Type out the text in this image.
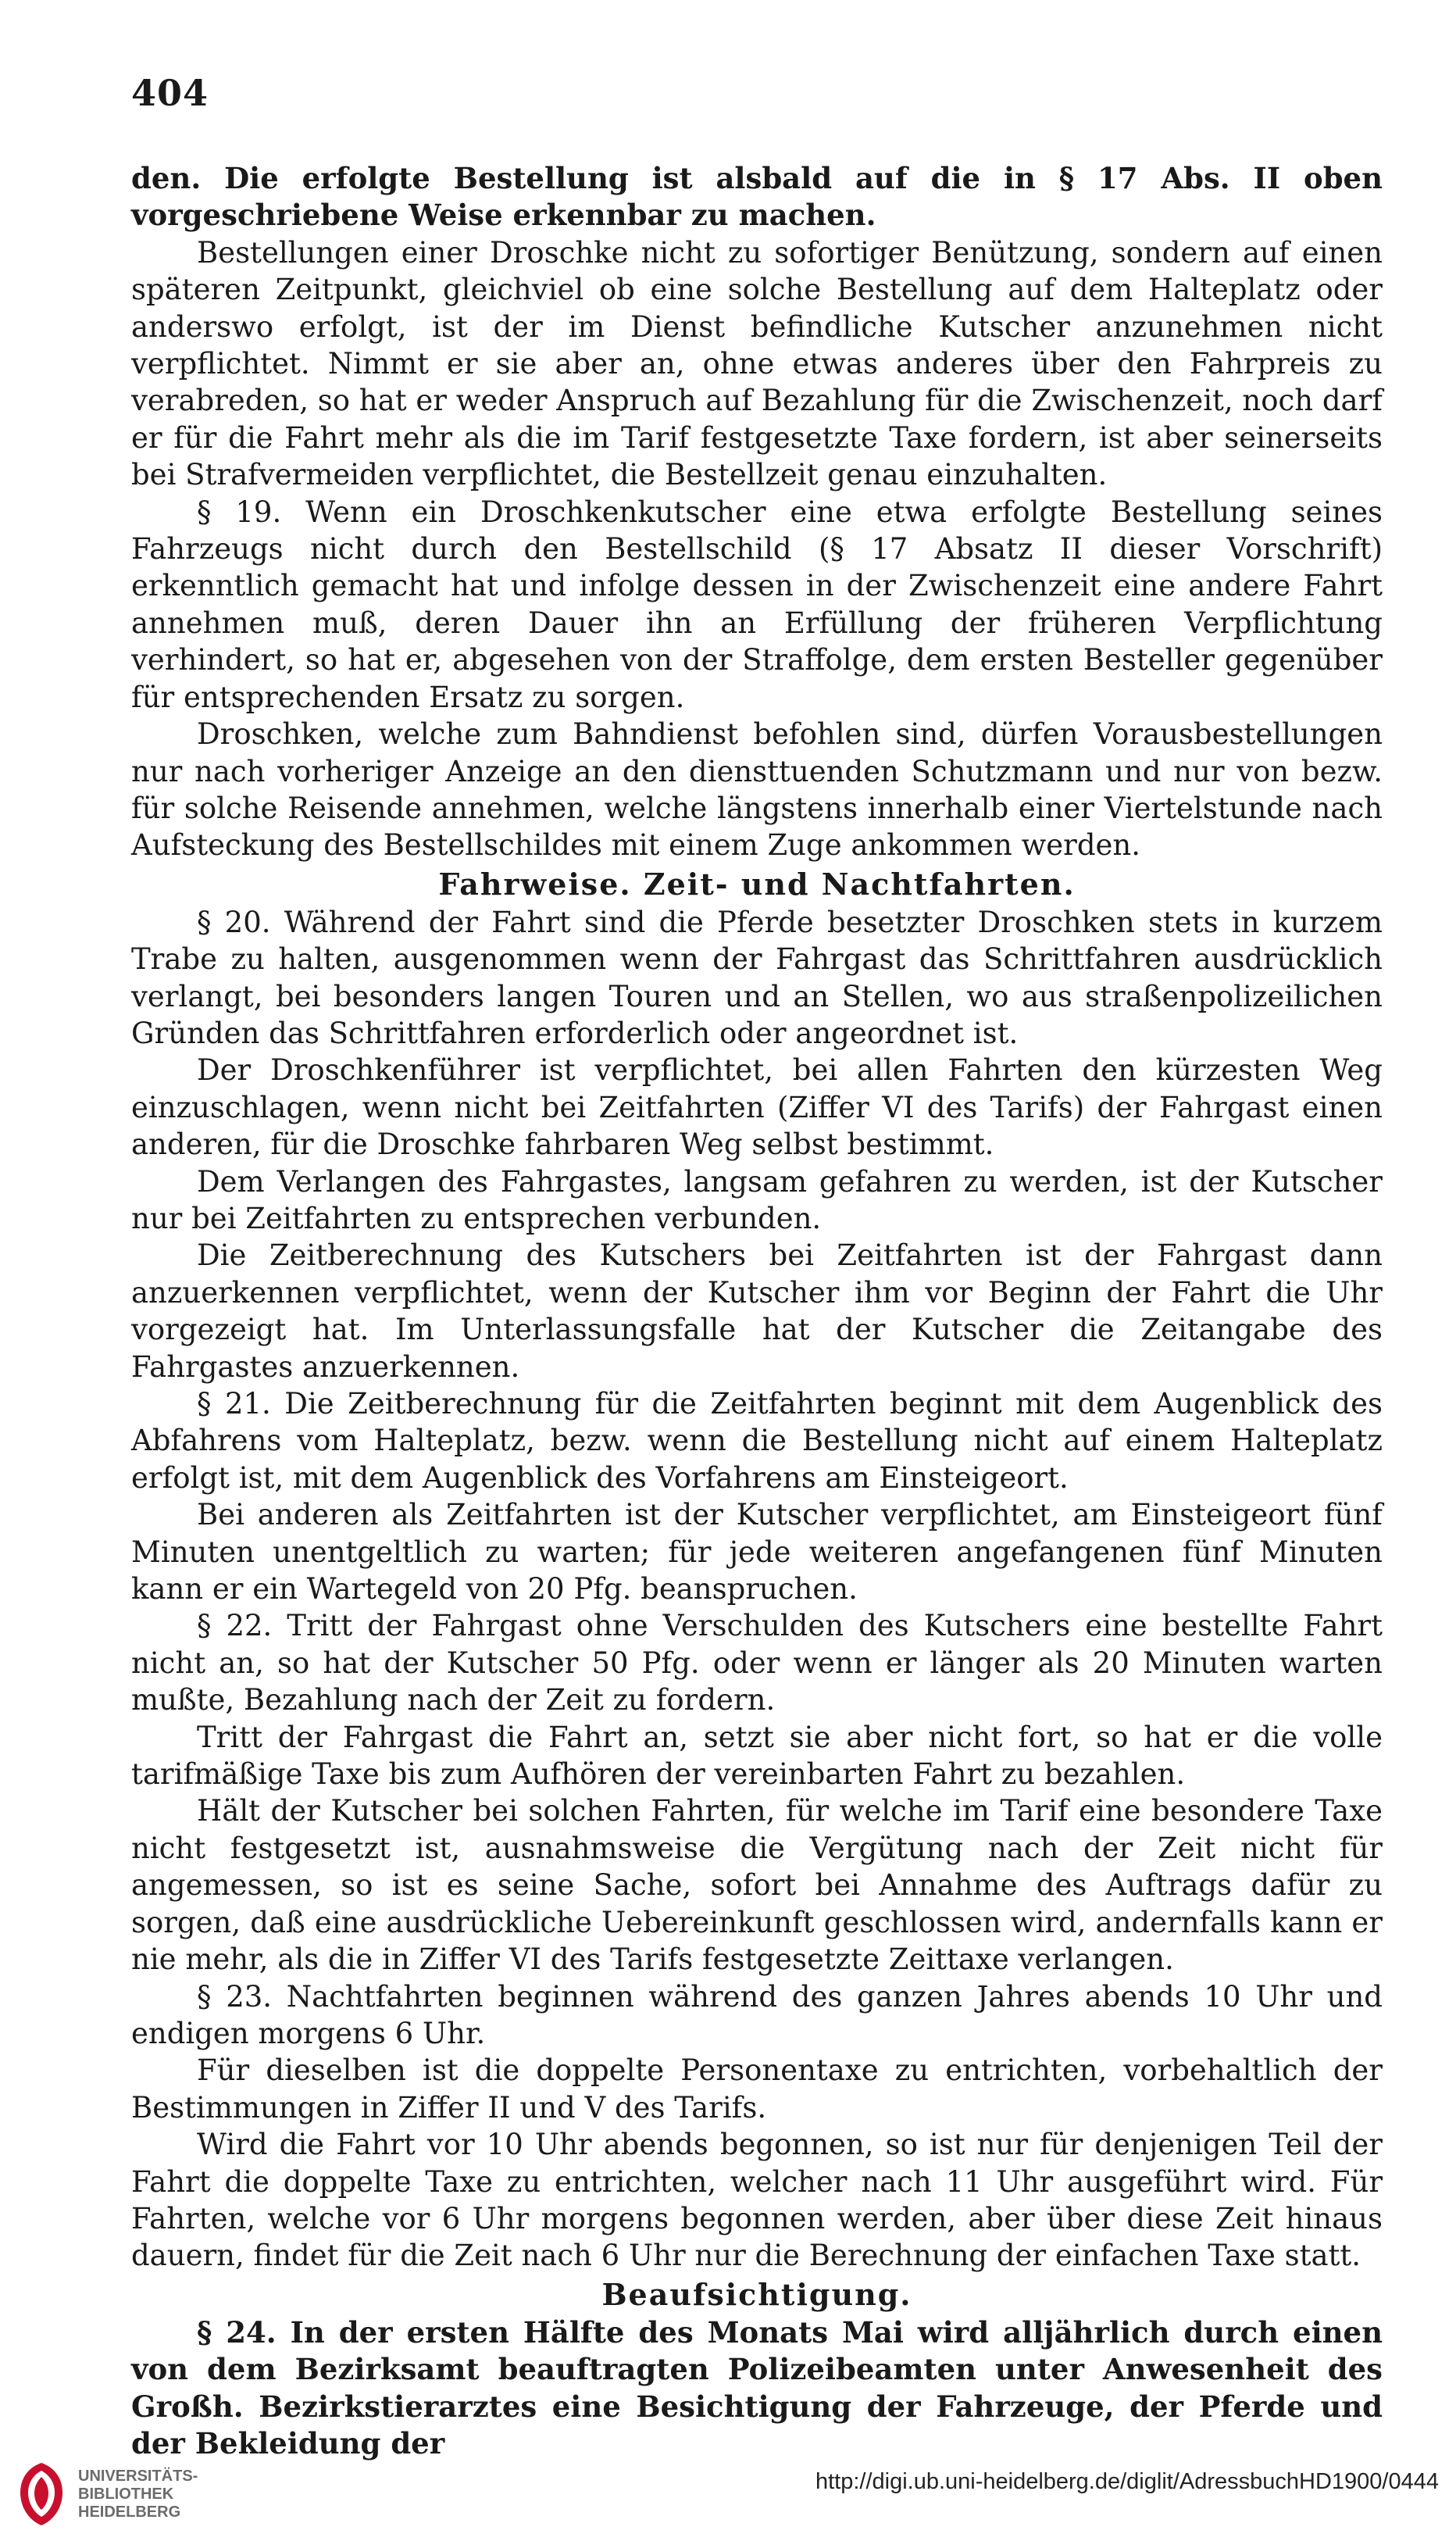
404

den. Die erfolgte Bestellung ist alsbald auf die in § 17 Abs. II oben vorgeschriebene Weise erkennbar zu machen.

Bestellungen einer Droschke nicht zu sofortiger Benützung, sondern auf einen späteren Zeitpunkt, gleichviel ob eine solche Bestellung auf dem Halteplatz oder anderswo erfolgt, ist der im Dienst befindliche Kutscher anzunehmen nicht verpflichtet. Nimmt er sie aber an, ohne etwas anderes über den Fahrpreis zu verabreden, so hat er weder Anspruch auf Bezahlung für die Zwischenzeit, noch darf er für die Fahrt mehr als die im Tarif festgesetzte Taxe fordern, ist aber seinerseits bei Strafvermeiden verpflichtet, die Bestellzeit genau einzuhalten.

§ 19. Wenn ein Droschkenkutscher eine etwa erfolgte Bestellung seines Fahrzeugs nicht durch den Bestellschild (§ 17 Absatz II dieser Vorschrift) erkenntlich gemacht hat und infolge dessen in der Zwischenzeit eine andere Fahrt annehmen muß, deren Dauer ihn an Erfüllung der früheren Verpflichtung verhindert, so hat er, abgesehen von der Straffolge, dem ersten Besteller gegenüber für entsprechenden Ersatz zu sorgen.

Droschken, welche zum Bahndienst befohlen sind, dürfen Vorausbestellungen nur nach vorheriger Anzeige an den diensttuenden Schutzmann und nur von bezw. für solche Reisende annehmen, welche längstens innerhalb einer Viertelstunde nach Aufsteckung des Bestellschildes mit einem Zuge ankommen werden.

Fahrweise. Zeit- und Nachtfahrten.

§ 20. Während der Fahrt sind die Pferde besetzter Droschken stets in kurzem Trabe zu halten, ausgenommen wenn der Fahrgast das Schrittfahren ausdrücklich verlangt, bei besonders langen Touren und an Stellen, wo aus straßenpolizeilichen Gründen das Schrittfahren erforderlich oder angeordnet ist.

Der Droschkenführer ist verpflichtet, bei allen Fahrten den kürzesten Weg einzuschlagen, wenn nicht bei Zeitfahrten (Ziffer VI des Tarifs) der Fahrgast einen anderen, für die Droschke fahrbaren Weg selbst bestimmt.

Dem Verlangen des Fahrgastes, langsam gefahren zu werden, ist der Kutscher nur bei Zeitfahrten zu entsprechen verbunden.

Die Zeitberechnung des Kutschers bei Zeitfahrten ist der Fahrgast dann anzuerkennen verpflichtet, wenn der Kutscher ihm vor Beginn der Fahrt die Uhr vorgezeigt hat. Im Unterlassungsfalle hat der Kutscher die Zeitangabe des Fahrgastes anzuerkennen.

§ 21. Die Zeitberechnung für die Zeitfahrten beginnt mit dem Augenblick des Abfahrens vom Halteplatz, bezw. wenn die Bestellung nicht auf einem Halteplatz erfolgt ist, mit dem Augenblick des Vorfahrens am Einsteigeort.

Bei anderen als Zeitfahrten ist der Kutscher verpflichtet, am Einsteigeort fünf Minuten unentgeltlich zu warten; für jede weiteren angefangenen fünf Minuten kann er ein Wartegeld von 20 Pfg. beanspruchen.

§ 22. Tritt der Fahrgast ohne Verschulden des Kutschers eine bestellte Fahrt nicht an, so hat der Kutscher 50 Pfg. oder wenn er länger als 20 Minuten warten mußte, Bezahlung nach der Zeit zu fordern.

Tritt der Fahrgast die Fahrt an, setzt sie aber nicht fort, so hat er die volle tarifmäßige Taxe bis zum Aufhören der vereinbarten Fahrt zu bezahlen.

Hält der Kutscher bei solchen Fahrten, für welche im Tarif eine besondere Taxe nicht festgesetzt ist, ausnahmsweise die Vergütung nach der Zeit nicht für angemessen, so ist es seine Sache, sofort bei Annahme des Auftrags dafür zu sorgen, daß eine ausdrückliche Uebereinkunft geschlossen wird, andernfalls kann er nie mehr, als die in Ziffer VI des Tarifs festgesetzte Zeittaxe verlangen.

§ 23. Nachtfahrten beginnen während des ganzen Jahres abends 10 Uhr und endigen morgens 6 Uhr.

Für dieselben ist die doppelte Personentaxe zu entrichten, vorbehaltlich der Bestimmungen in Ziffer II und V des Tarifs.

Wird die Fahrt vor 10 Uhr abends begonnen, so ist nur für denjenigen Teil der Fahrt die doppelte Taxe zu entrichten, welcher nach 11 Uhr ausgeführt wird. Für Fahrten, welche vor 6 Uhr morgens begonnen werden, aber über diese Zeit hinaus dauern, findet für die Zeit nach 6 Uhr nur die Berechnung der einfachen Taxe statt.

Beaufsichtigung.

§ 24. In der ersten Hälfte des Monats Mai wird alljährlich durch einen von dem Bezirksamt beauftragten Polizeibeamten unter Anwesenheit des Großh. Bezirkstierarztes eine Besichtigung der Fahrzeuge, der Pferde und der Bekleidung der

UNIVERSITÄTS-
BIBLIOTHEK
HEIDELBERG
http://digi.ub.uni-heidelberg.de/diglit/AdressbuchHD1900/0444
